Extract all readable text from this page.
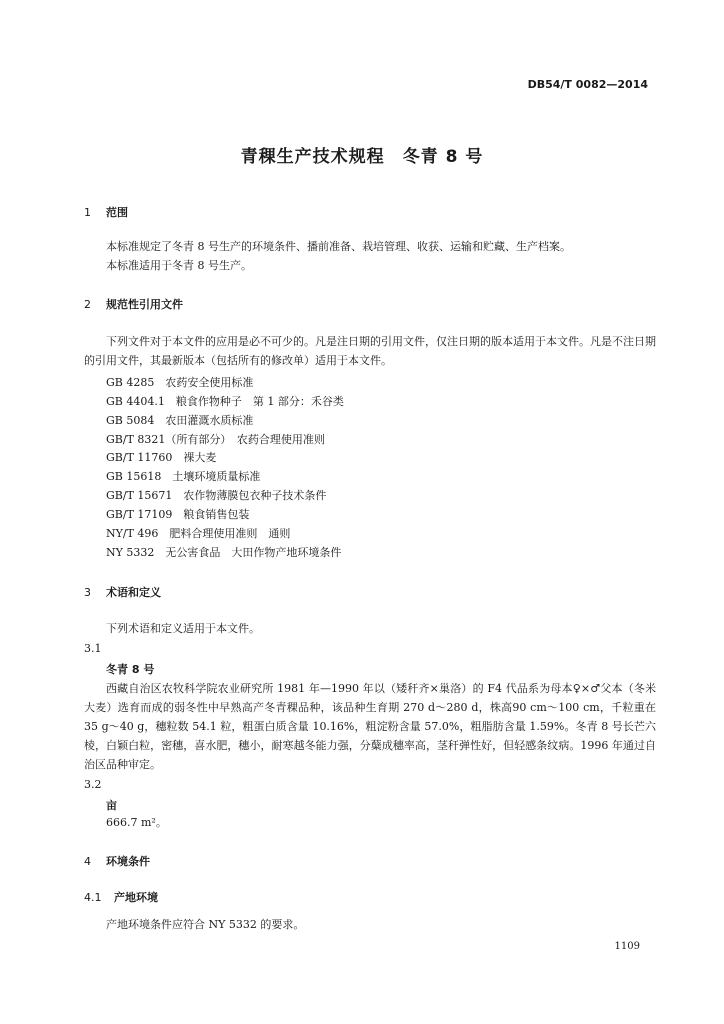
DB54/T 0082—2014
青稞生产技术规程　冬青 8 号
1 范围
本标准规定了冬青 8 号生产的环境条件、播前准备、栽培管理、收获、运输和贮藏、生产档案。
本标准适用于冬青 8 号生产。
2 规范性引用文件
下列文件对于本文件的应用是必不可少的。凡是注日期的引用文件，仅注日期的版本适用于本文件。凡是不注日期的引用文件，其最新版本（包括所有的修改单）适用于本文件。
GB 4285　农药安全使用标准
GB 4404.1　粮食作物种子　第 1 部分：禾谷类
GB 5084　农田灌溉水质标准
GB/T 8321（所有部分）　农药合理使用准则
GB/T 11760　裸大麦
GB 15618　土壤环境质量标准
GB/T 15671　农作物薄膜包衣种子技术条件
GB/T 17109　粮食销售包装
NY/T 496　肥料合理使用准则　通则
NY 5332　无公害食品　大田作物产地环境条件
3 术语和定义
下列术语和定义适用于本文件。
3.1
冬青 8 号
西藏自治区农牧科学院农业研究所 1981 年—1990 年以（矮秆齐×巢洛）的 F4 代品系为母本♀×♂父本（冬米大麦）选育而成的弱冬性中早熟高产冬青稞品种，该品种生育期 270 d～280 d，株高90 cm～100 cm，千粒重在 35 g～40 g，穗粒数 54.1 粒，粗蛋白质含量 10.16%，粗淀粉含量 57.0%，粗脂肪含量 1.59%。冬青 8 号长芒六棱，白颖白粒，密穗，喜水肥，穗小，耐寒越冬能力强，分蘖成穗率高，茎秆弹性好，但轻感条纹病。1996 年通过自治区品种审定。
3.2
亩
666.7 m²。
4 环境条件
4.1 产地环境
产地环境条件应符合 NY 5332 的要求。
1109
